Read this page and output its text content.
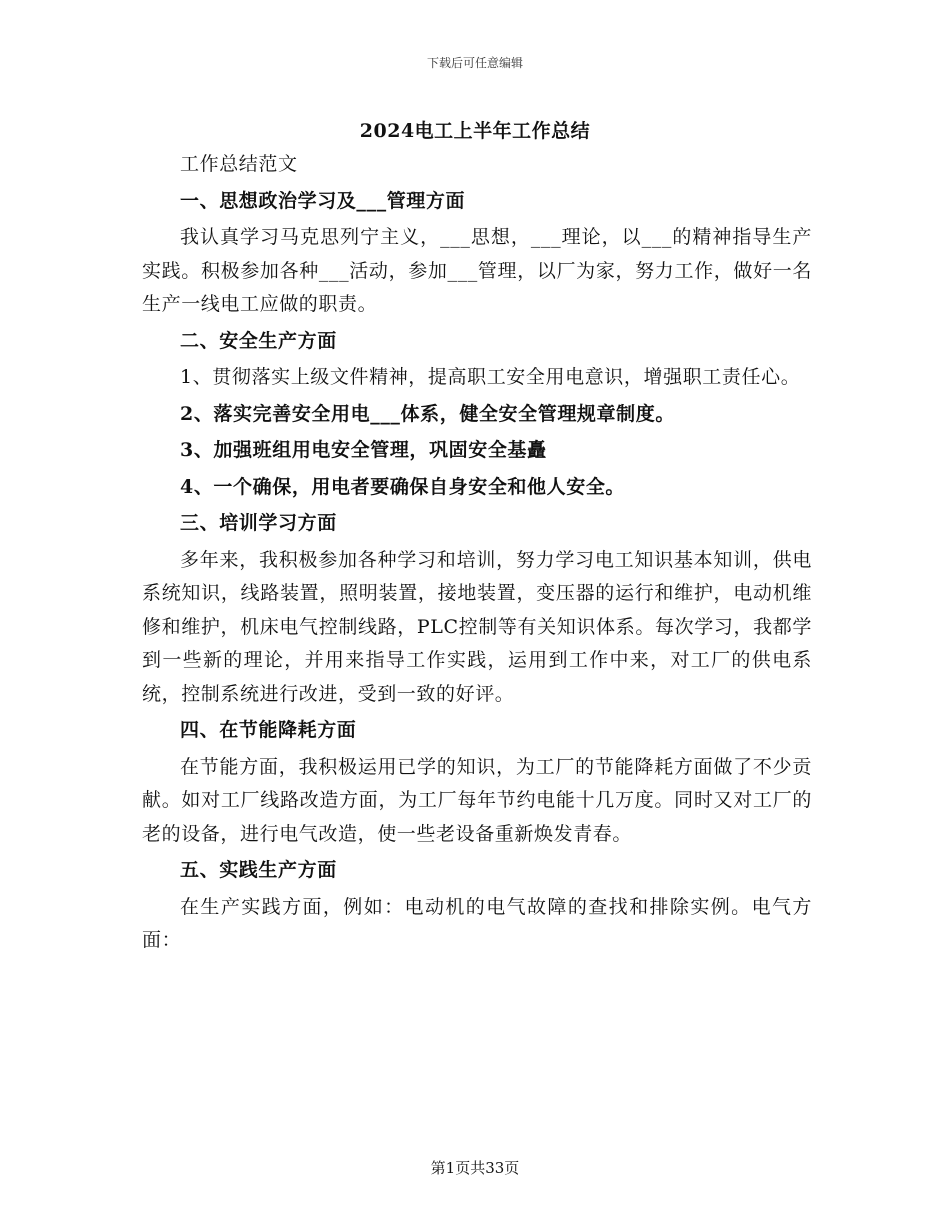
下载后可任意编辑
2024电工上半年工作总结

工作总结范文

一、思想政治学习及___管理方面

我认真学习马克思列宁主义，___思想，___理论，以___的精神指导生产实践。积极参加各种___活动，参加___管理，以厂为家，努力工作，做好一名生产一线电工应做的职责。

二、安全生产方面

1、贯彻落实上级文件精神，提高职工安全用电意识，增强职工责任心。

2、落实完善安全用电___体系，健全安全管理规章制度。

3、加强班组用电安全管理，巩固安全基矗

4、一个确保，用电者要确保自身安全和他人安全。

三、培训学习方面

多年来，我积极参加各种学习和培训，努力学习电工知识基本知训，供电系统知识，线路装置，照明装置，接地装置，变压器的运行和维护，电动机维修和维护，机床电气控制线路，PLC控制等有关知识体系。每次学习，我都学到一些新的理论，并用来指导工作实践，运用到工作中来，对工厂的供电系统，控制系统进行改进，受到一致的好评。

四、在节能降耗方面

在节能方面，我积极运用已学的知识，为工厂的节能降耗方面做了不少贡献。如对工厂线路改造方面，为工厂每年节约电能十几万度。同时又对工厂的老的设备，进行电气改造，使一些老设备重新焕发青春。

五、实践生产方面

在生产实践方面，例如：电动机的电气故障的查找和排除实例。电气方面：

第1页共33页
